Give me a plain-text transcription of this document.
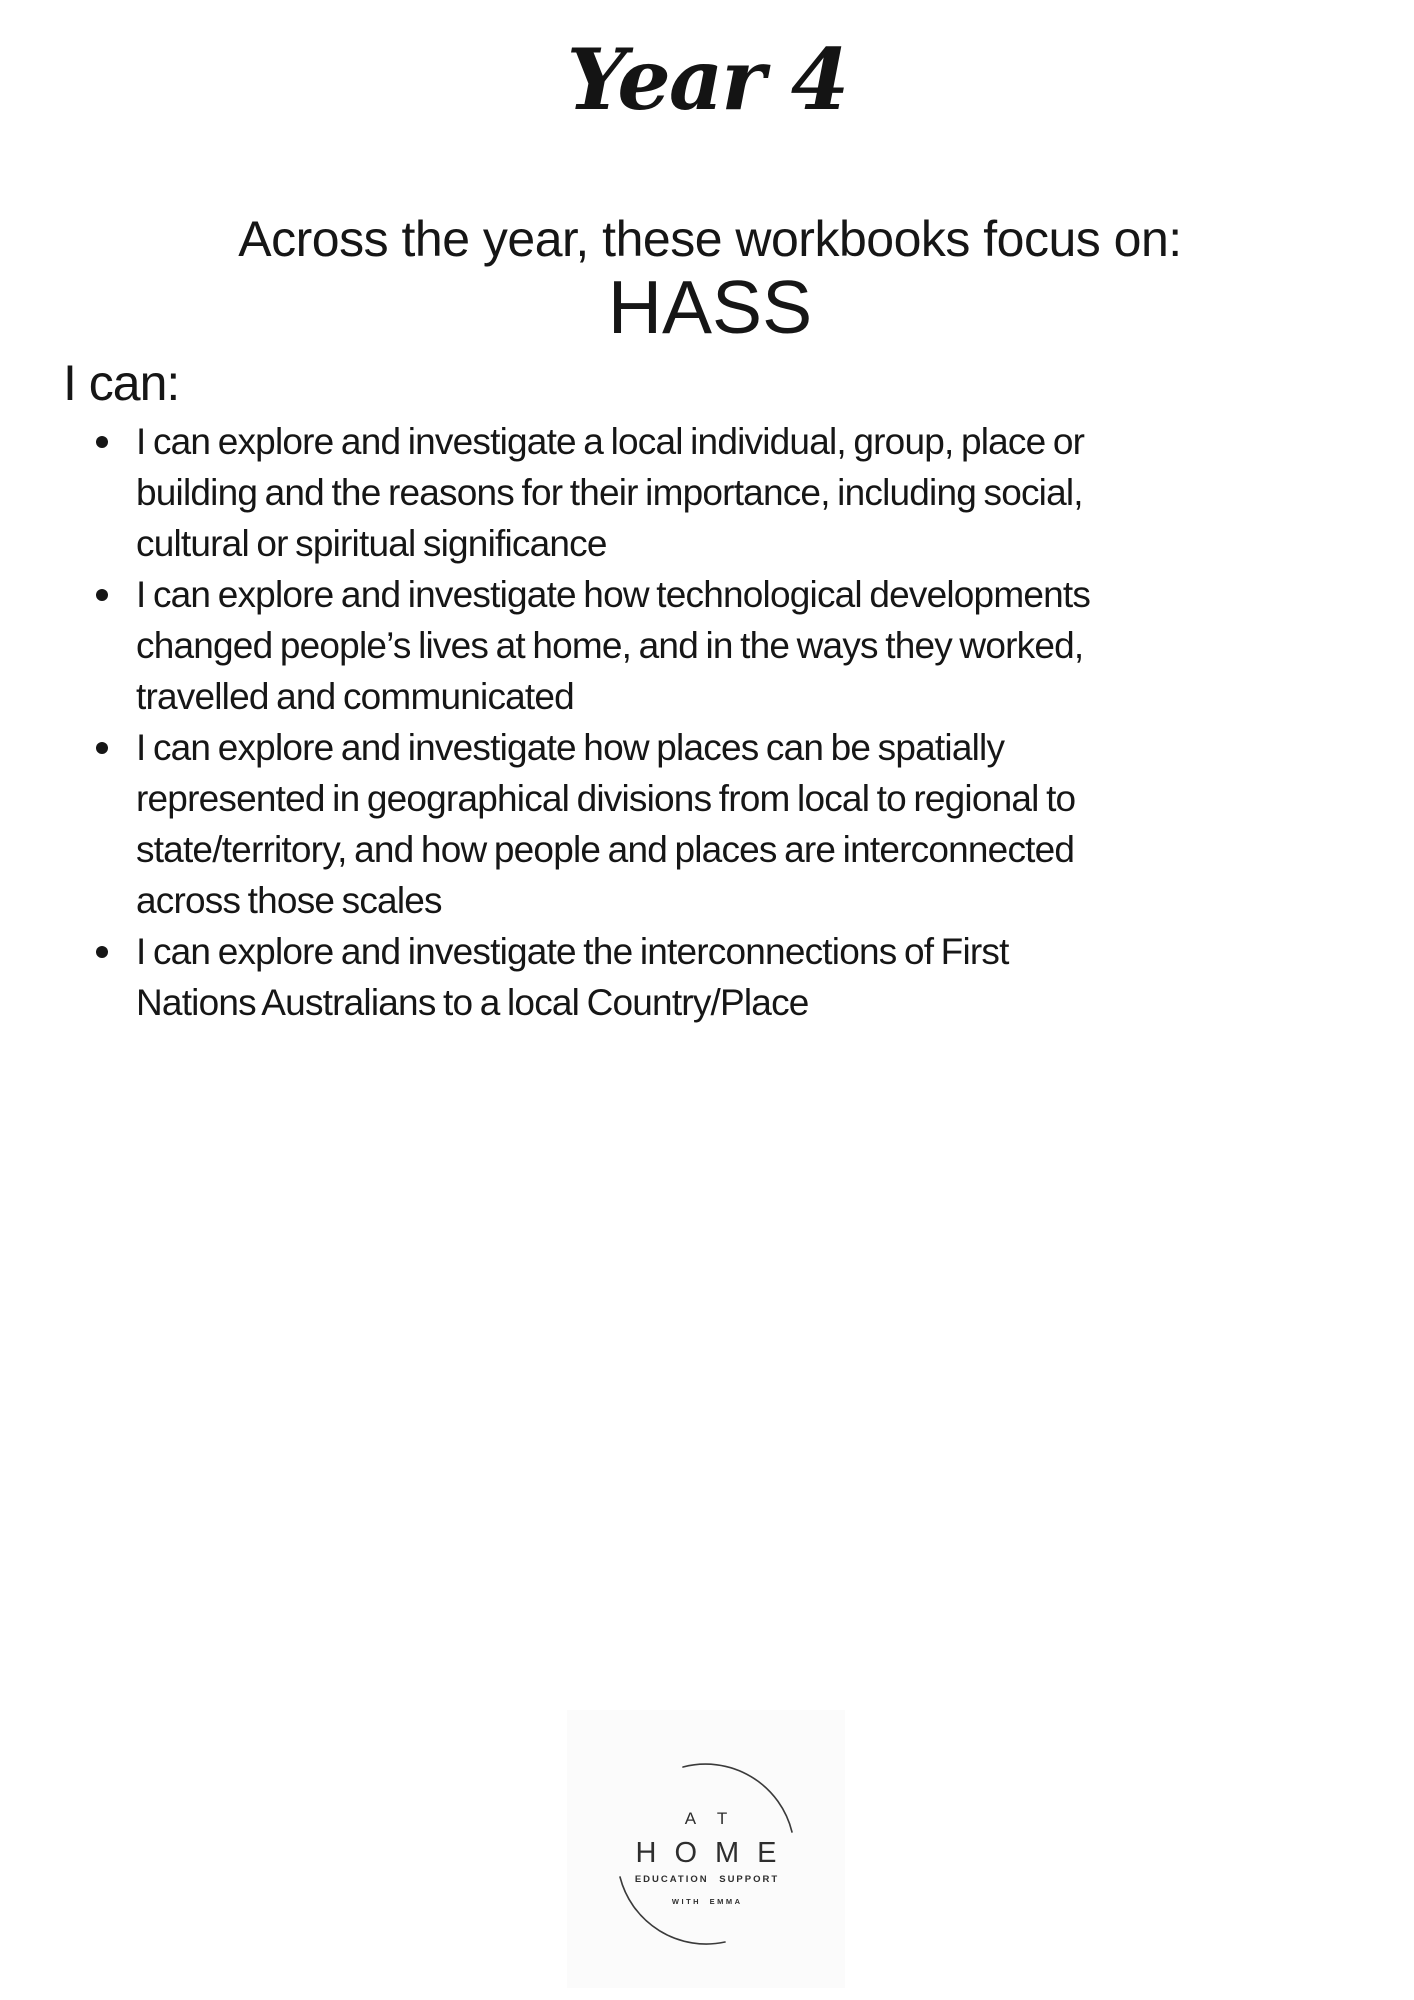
Year 4
Across the year, these workbooks focus on:
HASS
I can:
I can explore and investigate a local individual, group, place or
building and the reasons for their importance, including social,
cultural or spiritual significance
I can explore and investigate how technological developments
changed people’s lives at home, and in the ways they worked,
travelled and communicated
I can explore and investigate how places can be spatially
represented in geographical divisions from local to regional to
state/territory, and how people and places are interconnected
across those scales
I can explore and investigate the interconnections of First
Nations Australians to a local Country/Place
AT
HOME
EDUCATION SUPPORT
WITH EMMA
